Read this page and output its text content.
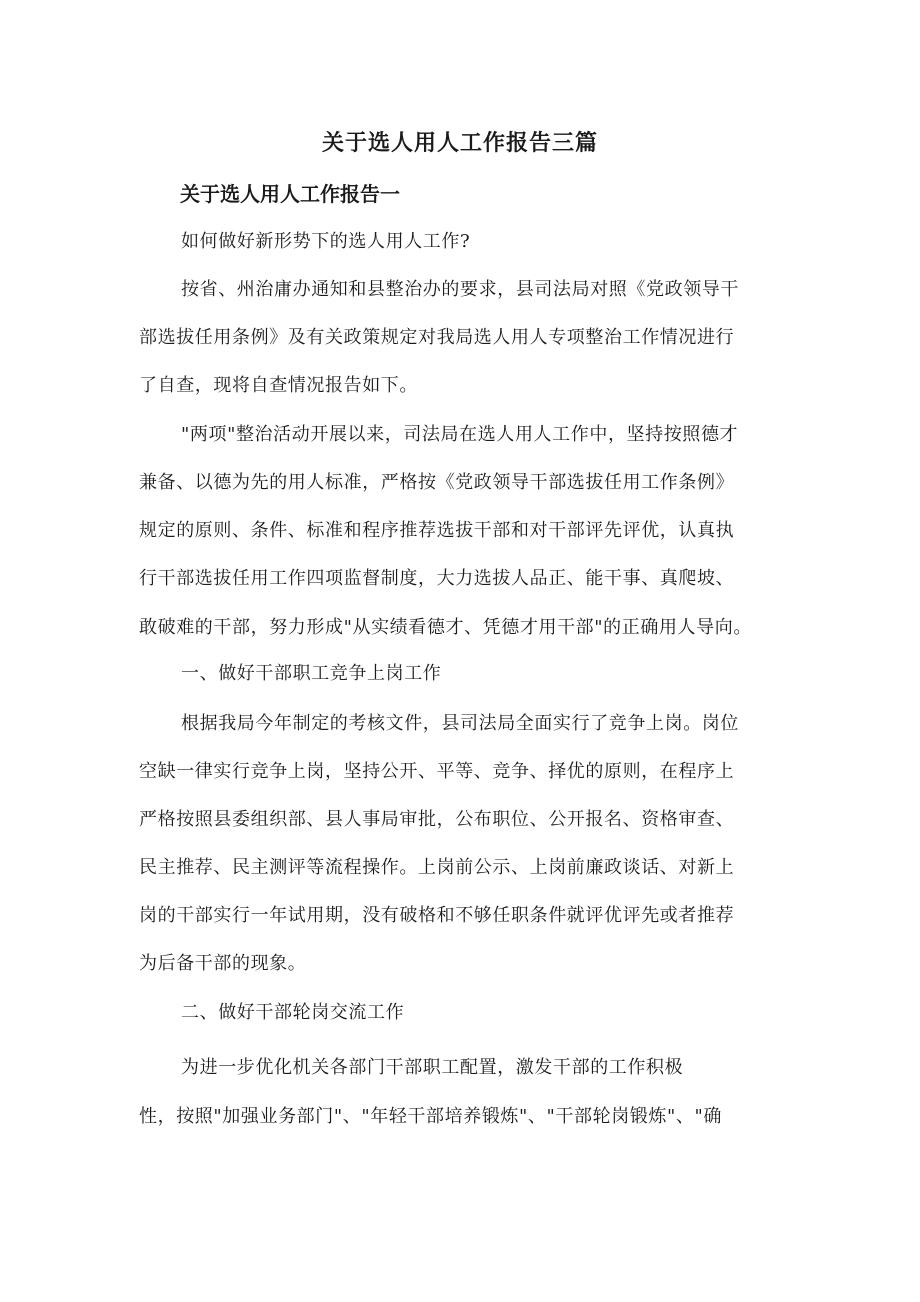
关于选人用人工作报告三篇
关于选人用人工作报告一

如何做好新形势下的选人用人工作?

按省、州治庸办通知和县整治办的要求，县司法局对照《党政领导干

部选拔任用条例》及有关政策规定对我局选人用人专项整治工作情况进行

了自查，现将自查情况报告如下。

"两项"整治活动开展以来，司法局在选人用人工作中，坚持按照德才

兼备、以德为先的用人标准，严格按《党政领导干部选拔任用工作条例》

规定的原则、条件、标准和程序推荐选拔干部和对干部评先评优，认真执

行干部选拔任用工作四项监督制度，大力选拔人品正、能干事、真爬坡、

敢破难的干部，努力形成"从实绩看德才、凭德才用干部"的正确用人导向。

一、做好干部职工竞争上岗工作

根据我局今年制定的考核文件，县司法局全面实行了竞争上岗。岗位

空缺一律实行竞争上岗，坚持公开、平等、竞争、择优的原则，在程序上

严格按照县委组织部、县人事局审批，公布职位、公开报名、资格审查、

民主推荐、民主测评等流程操作。上岗前公示、上岗前廉政谈话、对新上

岗的干部实行一年试用期，没有破格和不够任职条件就评优评先或者推荐

为后备干部的现象。

二、做好干部轮岗交流工作

为进一步优化机关各部门干部职工配置，激发干部的工作积极

性，按照"加强业务部门"、"年轻干部培养锻炼"、"干部轮岗锻炼"、"确
